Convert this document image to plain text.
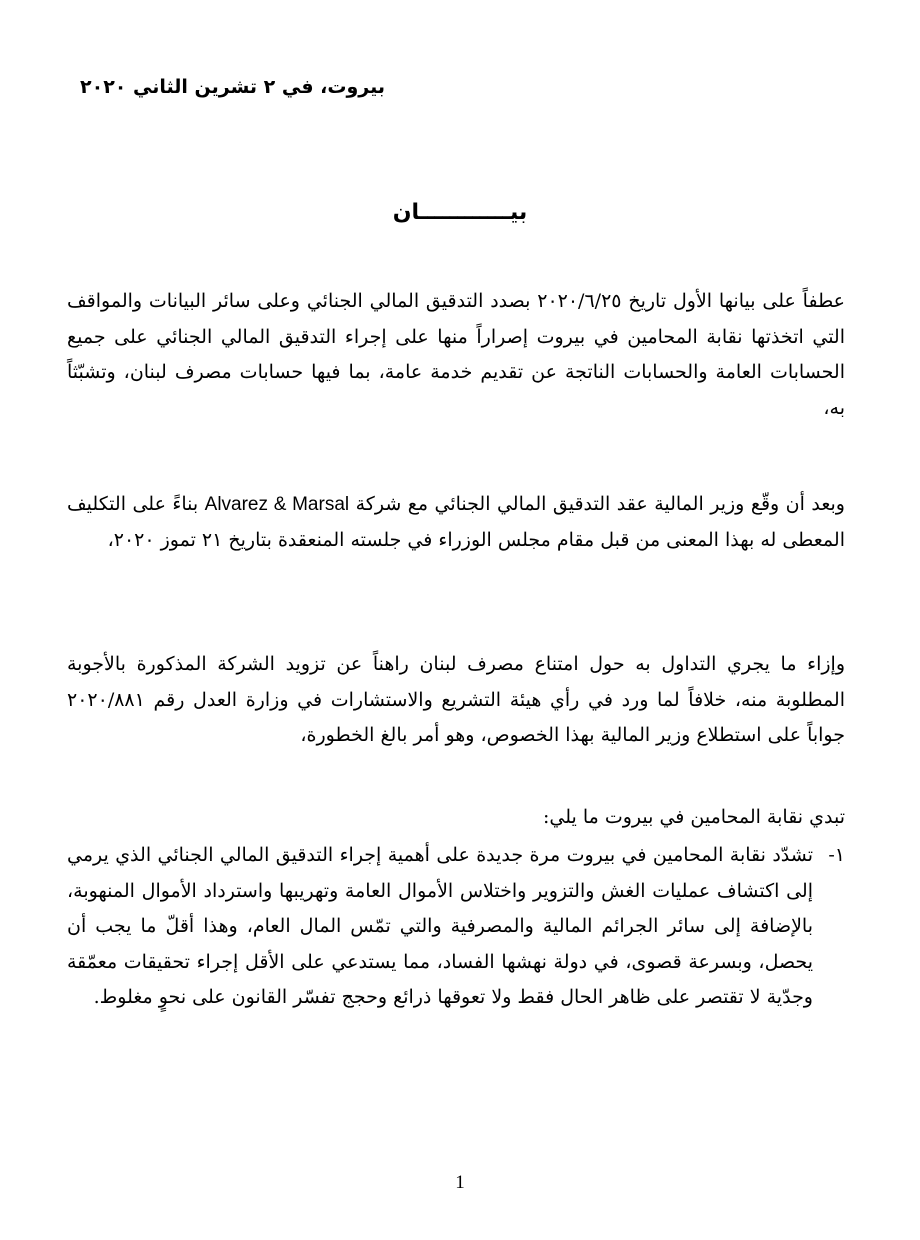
بيروت، في ٢ تشرين الثاني ٢٠٢٠
بيــــــــــــان

عطفاً على بيانها الأول تاريخ ٢٠٢٠/٦/٢٥ بصدد التدقيق المالي الجنائي وعلى سائر البيانات والمواقف التي اتخذتها نقابة المحامين في بيروت إصراراً منها على إجراء التدقيق المالي الجنائي على جميع الحسابات العامة والحسابات الناتجة عن تقديم خدمة عامة، بما فيها حسابات مصرف لبنان، وتشبّثاً به،

وبعد أن وقّع وزير المالية عقد التدقيق المالي الجنائي مع شركة Alvarez & Marsal بناءً على التكليف المعطى له بهذا المعنى من قبل مقام مجلس الوزراء في جلسته المنعقدة بتاريخ ٢١ تموز ٢٠٢٠،

وإزاء ما يجري التداول به حول امتناع مصرف لبنان راهناً عن تزويد الشركة المذكورة بالأجوبة المطلوبة منه، خلافاً لما ورد في رأي هيئة التشريع والاستشارات في وزارة العدل رقم ٢٠٢٠/٨٨١ جواباً على استطلاع وزير المالية بهذا الخصوص، وهو أمر بالغ الخطورة،

تبدي نقابة المحامين في بيروت ما يلي:
١-
تشدّد نقابة المحامين في بيروت مرة جديدة على أهمية إجراء التدقيق المالي الجنائي الذي يرمي إلى اكتشاف عمليات الغش والتزوير واختلاس الأموال العامة وتهريبها واسترداد الأموال المنهوبة، بالإضافة إلى سائر الجرائم المالية والمصرفية والتي تمّس المال العام، وهذا أقلّ ما يجب أن يحصل، وبسرعة قصوى، في دولة نهشها الفساد، مما يستدعي على الأقل إجراء تحقيقات معمّقة وجدّية لا تقتصر على ظاهر الحال فقط ولا تعوقها ذرائع وحجج تفسّر القانون على نحوٍ مغلوط.
1
